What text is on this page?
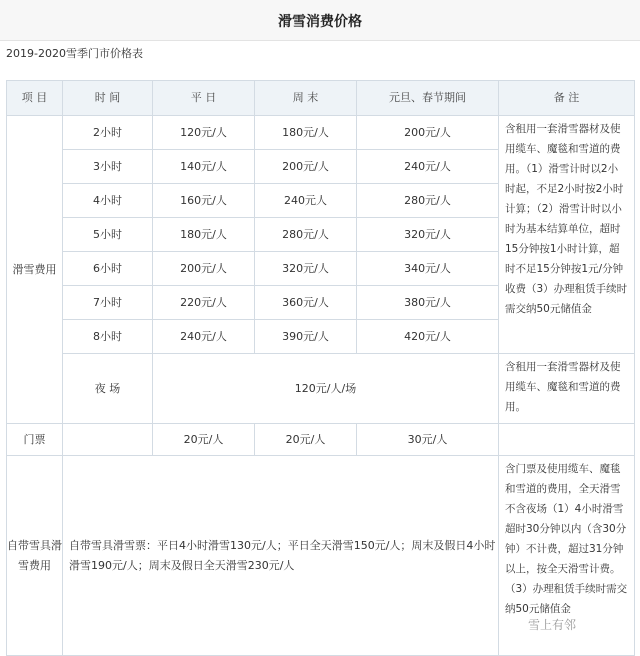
滑雪消费价格
2019-2020雪季门市价格表
项 目	时 间	平 日	周 末	元旦、春节期间	备 注
滑雪费用	2小时	120元/人	180元/人	200元/人	含租用一套滑雪器材及使用缆车、魔毯和雪道的费用。（1）滑雪计时以2小时起，不足2小时按2小时计算；（2）滑雪计时以小时为基本结算单位，超时15分钟按1小时计算，超时不足15分钟按1元/分钟收费（3）办理租赁手续时需交纳50元储值金
	3小时	140元/人	200元/人	240元/人	
	4小时	160元/人	240元人	280元/人	
	5小时	180元/人	280元/人	320元/人	
	6小时	200元/人	320元/人	340元/人	
	7小时	220元/人	360元/人	380元/人	
	8小时	240元/人	390元/人	420元/人	
	夜 场	120元/人/场			含租用一套滑雪器材及使用缆车、魔毯和雪道的费用。
门票		20元/人	20元/人	30元/人	
自带雪具滑雪费用	自带雪具滑雪票：平日4小时滑雪130元/人；平日全天滑雪150元/人；周末及假日4小时滑雪190元/人；周末及假日全天滑雪230元/人				含门票及使用缆车、魔毯和雪道的费用，全天滑雪不含夜场（1）4小时滑雪超时30分钟以内（含30分钟）不计费，超过31分钟以上，按全天滑雪计费。（3）办理租赁手续时需交纳50元储值金
雪上有邻
